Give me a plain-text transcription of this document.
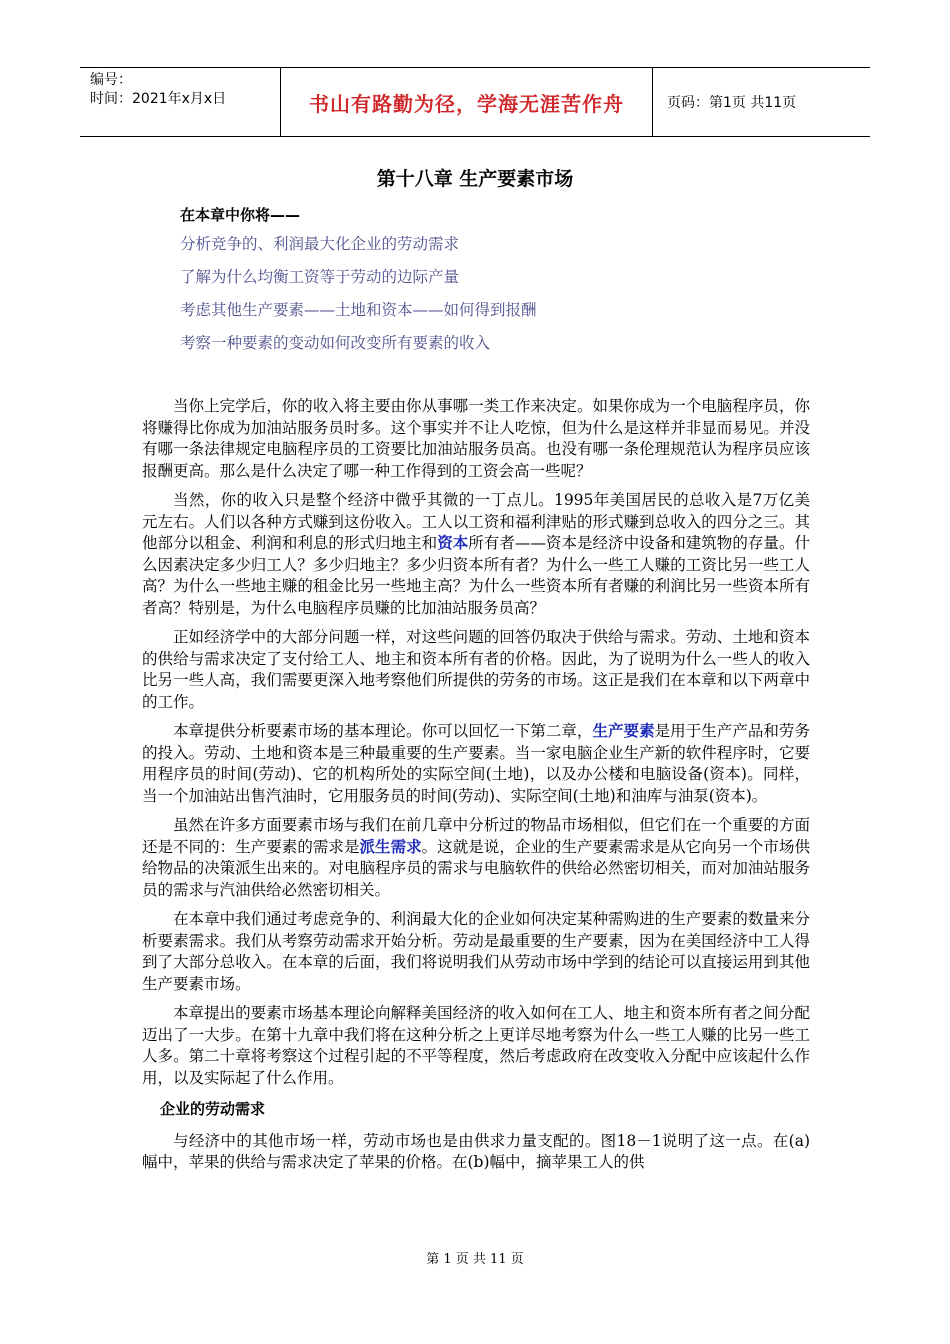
编号：
时间：2021年x月x日	书山有路勤为径，学海无涯苦作舟	页码：第1页 共11页
第十八章 生产要素市场
在本章中你将——
分析竞争的、利润最大化企业的劳动需求
了解为什么均衡工资等于劳动的边际产量
考虑其他生产要素——土地和资本——如何得到报酬
考察一种要素的变动如何改变所有要素的收入

当你上完学后，你的收入将主要由你从事哪一类工作来决定。如果你成为一个电脑程序员，你将赚得比你成为加油站服务员时多。这个事实并不让人吃惊，但为什么是这样并非显而易见。并没有哪一条法律规定电脑程序员的工资要比加油站服务员高。也没有哪一条伦理规范认为程序员应该报酬更高。那么是什么决定了哪一种工作得到的工资会高一些呢？

当然，你的收入只是整个经济中微乎其微的一丁点儿。1995年美国居民的总收入是7万亿美元左右。人们以各种方式赚到这份收入。工人以工资和福利津贴的形式赚到总收入的四分之三。其他部分以租金、利润和利息的形式归地主和资本所有者——资本是经济中设备和建筑物的存量。什么因素决定多少归工人？多少归地主？多少归资本所有者？为什么一些工人赚的工资比另一些工人高？为什么一些地主赚的租金比另一些地主高？为什么一些资本所有者赚的利润比另一些资本所有者高？特别是，为什么电脑程序员赚的比加油站服务员高？

正如经济学中的大部分问题一样，对这些问题的回答仍取决于供给与需求。劳动、土地和资本的供给与需求决定了支付给工人、地主和资本所有者的价格。因此，为了说明为什么一些人的收入比另一些人高，我们需要更深入地考察他们所提供的劳务的市场。这正是我们在本章和以下两章中的工作。

本章提供分析要素市场的基本理论。你可以回忆一下第二章，生产要素是用于生产产品和劳务的投入。劳动、土地和资本是三种最重要的生产要素。当一家电脑企业生产新的软件程序时，它要用程序员的时间(劳动)、它的机构所处的实际空间(土地)，以及办公楼和电脑设备(资本)。同样，当一个加油站出售汽油时，它用服务员的时间(劳动)、实际空间(土地)和油库与油泵(资本)。

虽然在许多方面要素市场与我们在前几章中分析过的物品市场相似，但它们在一个重要的方面还是不同的：生产要素的需求是派生需求。这就是说，企业的生产要素需求是从它向另一个市场供给物品的决策派生出来的。对电脑程序员的需求与电脑软件的供给必然密切相关，而对加油站服务员的需求与汽油供给必然密切相关。

在本章中我们通过考虑竞争的、利润最大化的企业如何决定某种需购进的生产要素的数量来分析要素需求。我们从考察劳动需求开始分析。劳动是最重要的生产要素，因为在美国经济中工人得到了大部分总收入。在本章的后面，我们将说明我们从劳动市场中学到的结论可以直接运用到其他生产要素市场。

本章提出的要素市场基本理论向解释美国经济的收入如何在工人、地主和资本所有者之间分配迈出了一大步。在第十九章中我们将在这种分析之上更详尽地考察为什么一些工人赚的比另一些工人多。第二十章将考察这个过程引起的不平等程度，然后考虑政府在改变收入分配中应该起什么作用，以及实际起了什么作用。

企业的劳动需求

与经济中的其他市场一样，劳动市场也是由供求力量支配的。图18－1说明了这一点。在(a)幅中，苹果的供给与需求决定了苹果的价格。在(b)幅中，摘苹果工人的供

第 1 页 共 11 页
